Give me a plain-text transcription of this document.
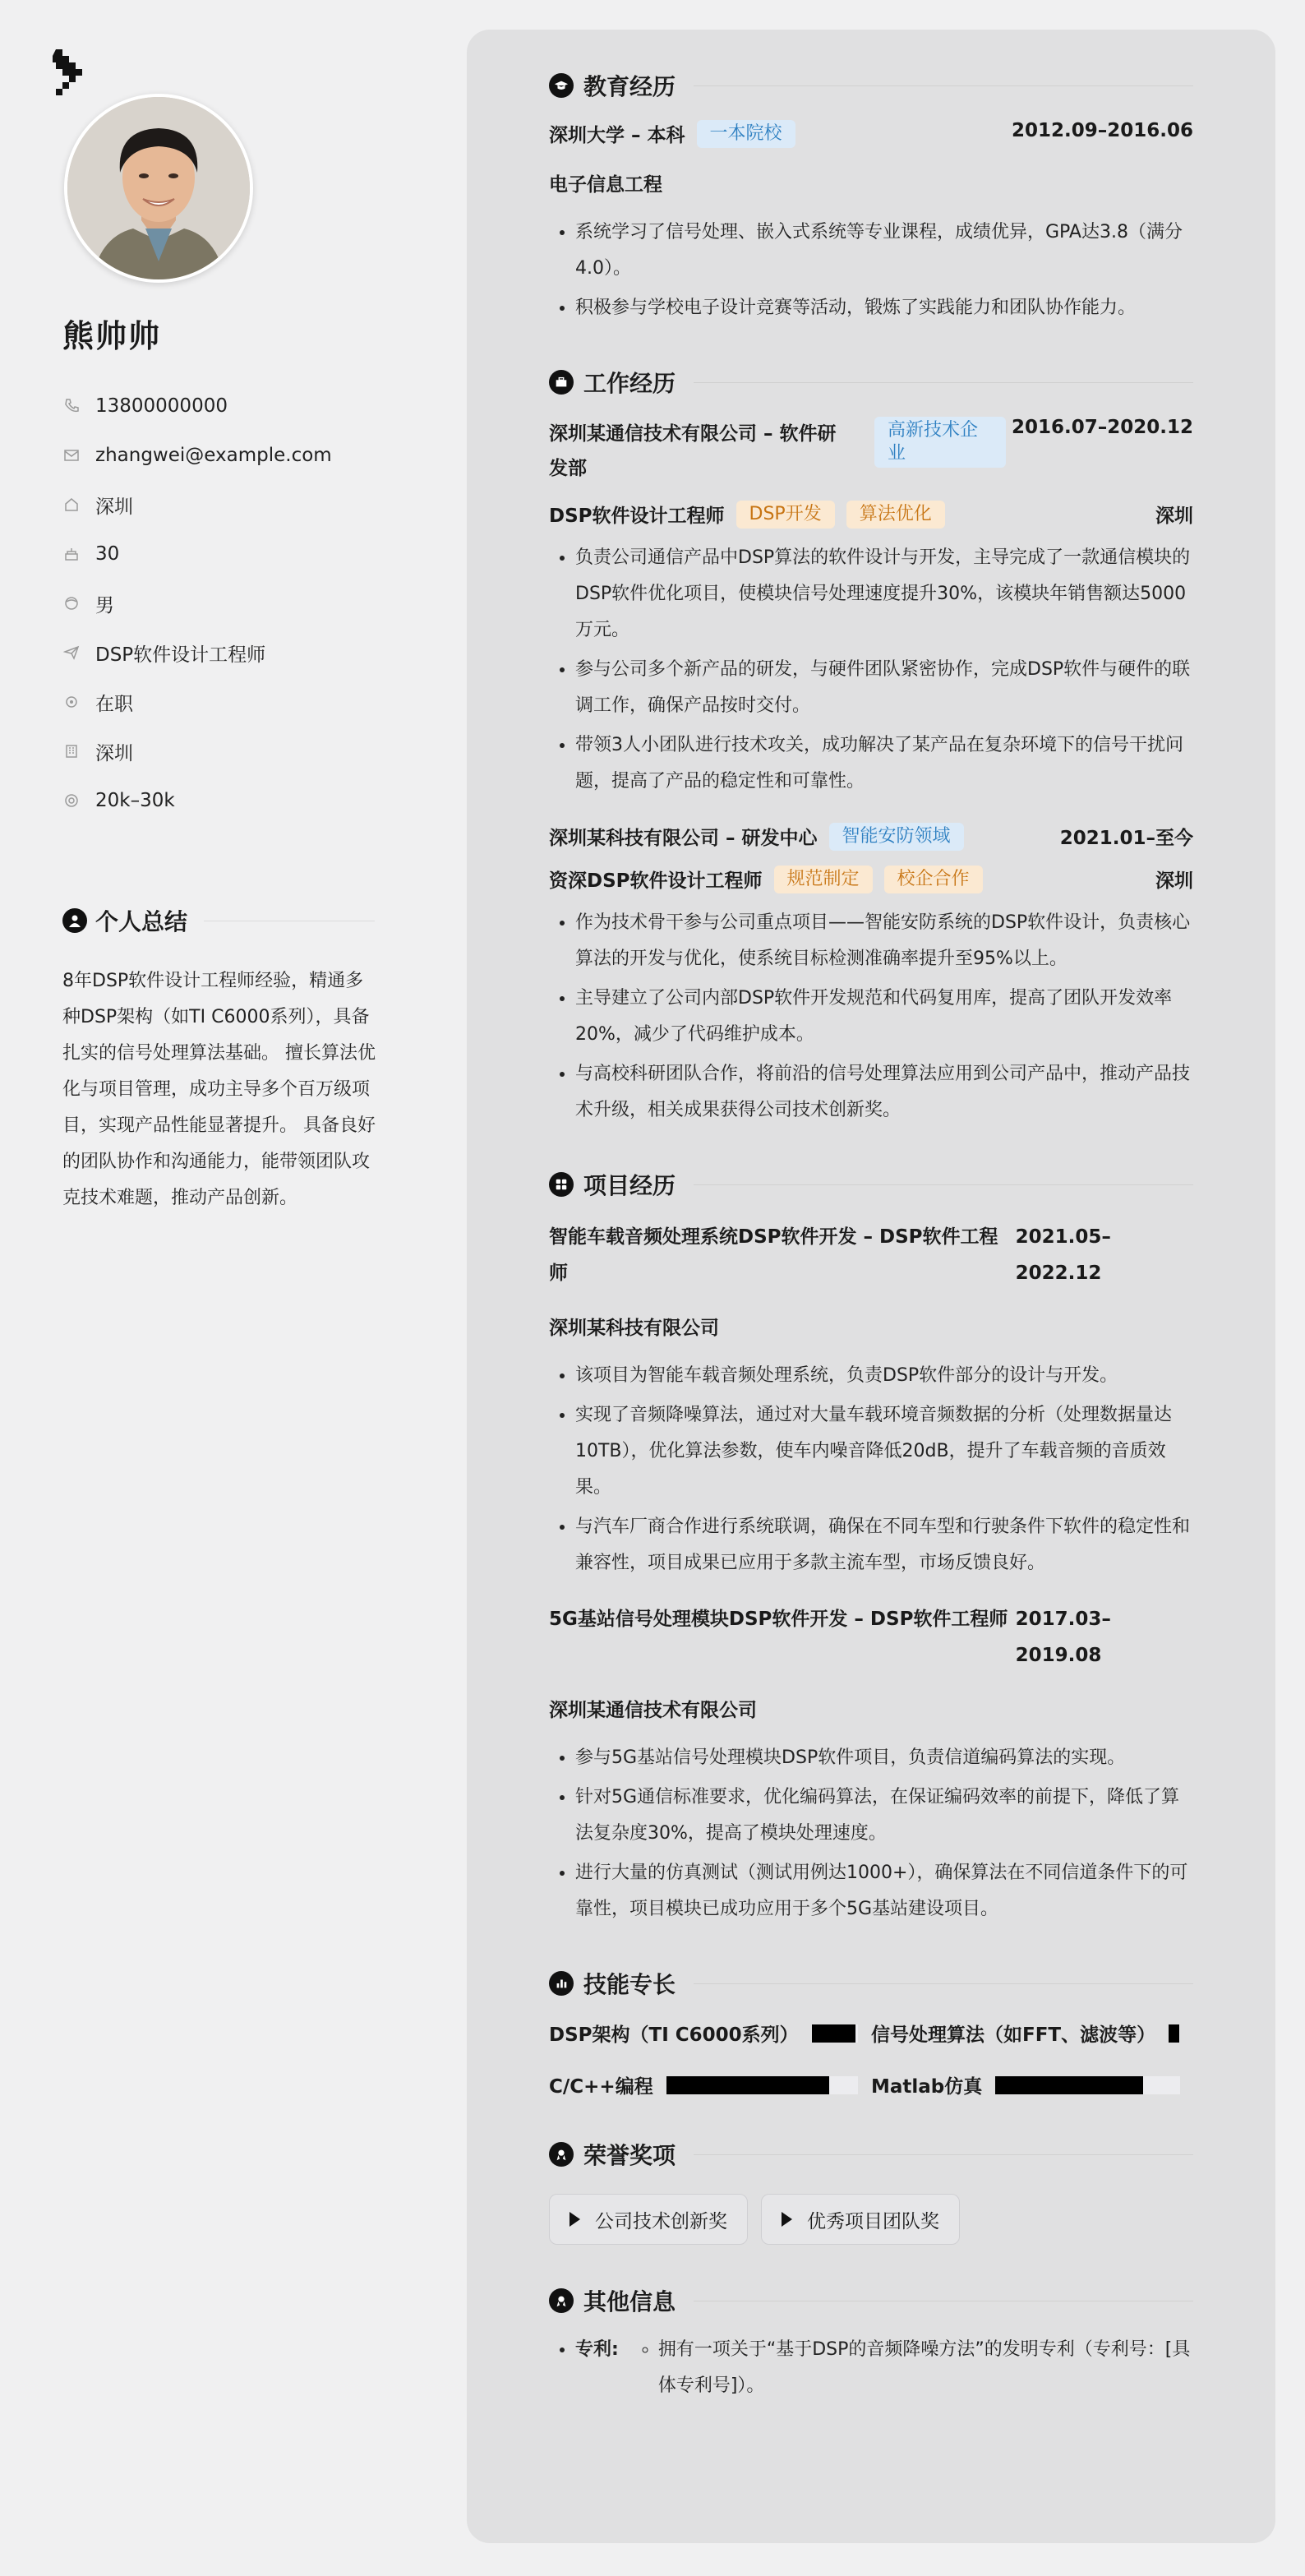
熊帅帅
13800000000
zhangwei@example.com
深圳
30
男
DSP软件设计工程师
在职
深圳
20k–30k
个人总结

8年DSP软件设计工程师经验，精通多种DSP架构（如TI C6000系列），具备扎实的信号处理算法基础。 擅长算法优化与项目管理，成功主导多个百万级项目，实现产品性能显著提升。 具备良好的团队协作和沟通能力，能带领团队攻克技术难题，推动产品创新。

教育经历
深圳大学 – 本科	一本院校	2012.09–2016.06
电子信息工程
• 系统学习了信号处理、嵌入式系统等专业课程，成绩优异，GPA达3.8（满分4.0）。
• 积极参与学校电子设计竞赛等活动，锻炼了实践能力和团队协作能力。
工作经历
深圳某通信技术有限公司 – 软件研发部
高新技术企业
2016.07–2020.12
DSP软件设计工程师	DSP开发	算法优化	深圳
• 负责公司通信产品中DSP算法的软件设计与开发，主导完成了一款通信模块的DSP软件优化项目，使模块信号处理速度提升30%，该模块年销售额达5000万元。
• 参与公司多个新产品的研发，与硬件团队紧密协作，完成DSP软件与硬件的联调工作，确保产品按时交付。
• 带领3人小团队进行技术攻关，成功解决了某产品在复杂环境下的信号干扰问题，提高了产品的稳定性和可靠性。
深圳某科技有限公司 – 研发中心	智能安防领域	2021.01–至今
资深DSP软件设计工程师	规范制定	校企合作	深圳
• 作为技术骨干参与公司重点项目——智能安防系统的DSP软件设计，负责核心算法的开发与优化，使系统目标检测准确率提升至95%以上。
• 主导建立了公司内部DSP软件开发规范和代码复用库，提高了团队开发效率20%，减少了代码维护成本。
• 与高校科研团队合作，将前沿的信号处理算法应用到公司产品中，推动产品技术升级，相关成果获得公司技术创新奖。
项目经历
智能车载音频处理系统DSP软件开发 – DSP软件工程师
2021.05–2022.12
深圳某科技有限公司
• 该项目为智能车载音频处理系统，负责DSP软件部分的设计与开发。
• 实现了音频降噪算法，通过对大量车载环境音频数据的分析（处理数据量达10TB），优化算法参数，使车内噪音降低20dB，提升了车载音频的音质效果。
• 与汽车厂商合作进行系统联调，确保在不同车型和行驶条件下软件的稳定性和兼容性，项目成果已应用于多款主流车型，市场反馈良好。
5G基站信号处理模块DSP软件开发 – DSP软件工程师 2017.03–2019.08
深圳某通信技术有限公司
• 参与5G基站信号处理模块DSP软件项目，负责信道编码算法的实现。
• 针对5G通信标准要求，优化编码算法，在保证编码效率的前提下，降低了算法复杂度30%，提高了模块处理速度。
• 进行大量的仿真测试（测试用例达1000+），确保算法在不同信道条件下的可靠性，项目模块已成功应用于多个5G基站建设项目。
技能专长
DSP架构（TI C6000系列）	信号处理算法（如FFT、滤波等）
C/C++编程	Matlab仿真
荣誉奖项
公司技术创新奖	优秀项目团队奖
其他信息
• 专利:
◦ 拥有一项关于“基于DSP的音频降噪方法”的发明专利（专利号：[具体专利号]）。
